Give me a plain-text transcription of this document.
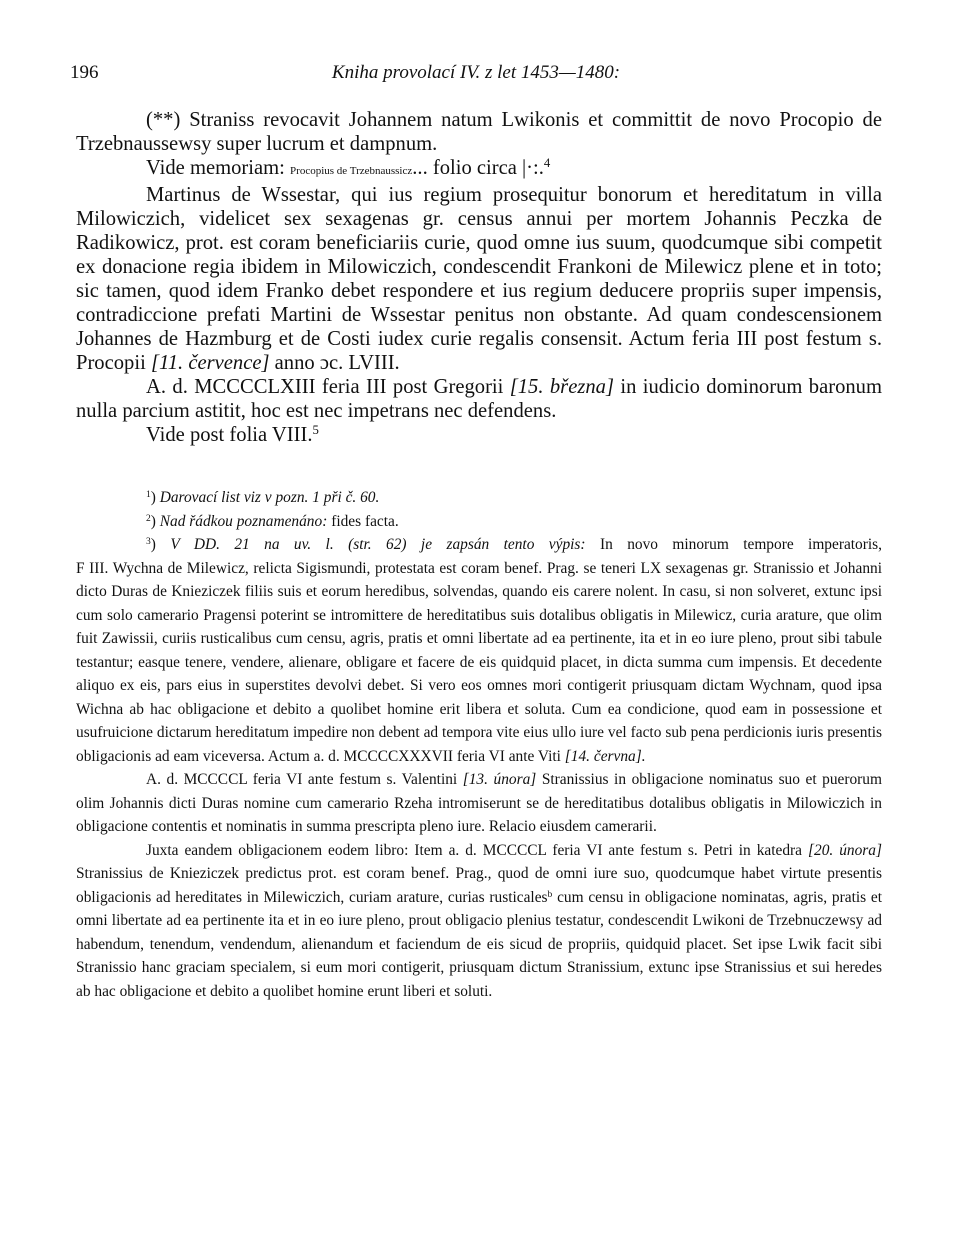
196	Kniha provolací IV. z let 1453—1480:

(**) Straniss revocavit Johannem natum Lwikonis et committit de novo Procopio de Trzebnaussewsy super lucrum et dampnum.

Vide memoriam: Procopius de Trzebnaussicz... folio circa |·:.$^4$

Martinus de Wssestar, qui ius regium prosequitur bonorum et hereditatum in villa Milowiczich, videlicet sex sexagenas gr. census annui per mortem Johannis Peczka de Radikowicz, prot. est coram beneficiariis curie, quod omne ius suum, quodcumque sibi competit ex donacione regia ibidem in Milowiczich, condescendit Frankoni de Milewicz plene et in toto; sic tamen, quod idem Franko debet respondere et ius regium deducere propriis super impensis, contradiccione prefati Martini de Wssestar penitus non obstante. Ad quam condescensionem Johannes de Hazmburg et de Costi iudex curie regalis consensit. Actum feria III post festum s. Procopii [11. července] anno ɔc. LVIII.

A. d. MCCCCLXIII feria III post Gregorii [15. března] in iudicio dominorum baronum nulla parcium astitit, hoc est nec impetrans nec defendens.

Vide post folia VIII.$^5$

$^1$) Darovací list viz v pozn. 1 při č. 60.

$^2$) Nad řádkou poznamenáno: fides facta.

$^3$) V DD. 21 na uv. l. (str. 62) je zapsán tento výpis: In novo minorum tempore imperatoris,

F III. Wychna de Milewicz, relicta Sigismundi, protestata est coram benef. Prag. se teneri LX sexagenas gr. Stranissio et Johanni dicto Duras de Knieziczek filiis suis et eorum heredibus, solvendas, quando eis carere nolent. In casu, si non solveret, extunc ipsi cum solo camerario Pragensi poterint se intromittere de hereditatibus suis dotalibus obligatis in Milewicz, curia arature, que olim fuit Zawissii, curiis rusticalibus cum censu, agris, pratis et omni libertate ad ea pertinente, ita et in eo iure pleno, prout sibi tabule testantur; easque tenere, vendere, alienare, obligare et facere de eis quidquid placet, in dicta summa cum impensis. Et decedente aliquo ex eis, pars eius in superstites devolvi debet. Si vero eos omnes mori contigerit priusquam dictam Wychnam, quod ipsa Wichna ab hac obligacione et debito a quolibet homine erit libera et soluta. Cum ea condicione, quod eam in possessione et usufruicione dictarum hereditatum impedire non debent ad tempora vite eius ullo iure vel facto sub pena perdicionis iuris presentis obligacionis ad eam viceversa. Actum a. d. MCCCCXXXVII feria VI ante Viti [14. června].

A. d. MCCCCL feria VI ante festum s. Valentini [13. února] Stranissius in obligacione nominatus suo et puerorum olim Johannis dicti Duras nomine cum camerario Rzeha intromiserunt se de hereditatibus dotalibus obligatis in Milowiczich in obligacione contentis et nominatis in summa prescripta pleno iure. Relacio eiusdem camerarii.

Juxta eandem obligacionem eodem libro: Item a. d. MCCCCL feria VI ante festum s. Petri in katedra [20. února] Stranissius de Knieziczek predictus prot. est coram benef. Prag., quod de omni iure suo, quodcumque habet virtute presentis obligacionis ad hereditates in Milewiczich, curiam arature, curias rusticales$^b$ cum censu in obligacione nominatas, agris, pratis et omni libertate ad ea pertinente ita et in eo iure pleno, prout obligacio plenius testatur, condescendit Lwikoni de Trzebnuczewsy ad habendum, tenendum, vendendum, alienandum et faciendum de eis sicud de propriis, quidquid placet. Set ipse Lwik facit sibi Stranissio hanc graciam specialem, si eum mori contigerit, priusquam dictum Stranissium, extunc ipse Stranissius et sui heredes ab hac obligacione et debito a quolibet homine erunt liberi et soluti.
